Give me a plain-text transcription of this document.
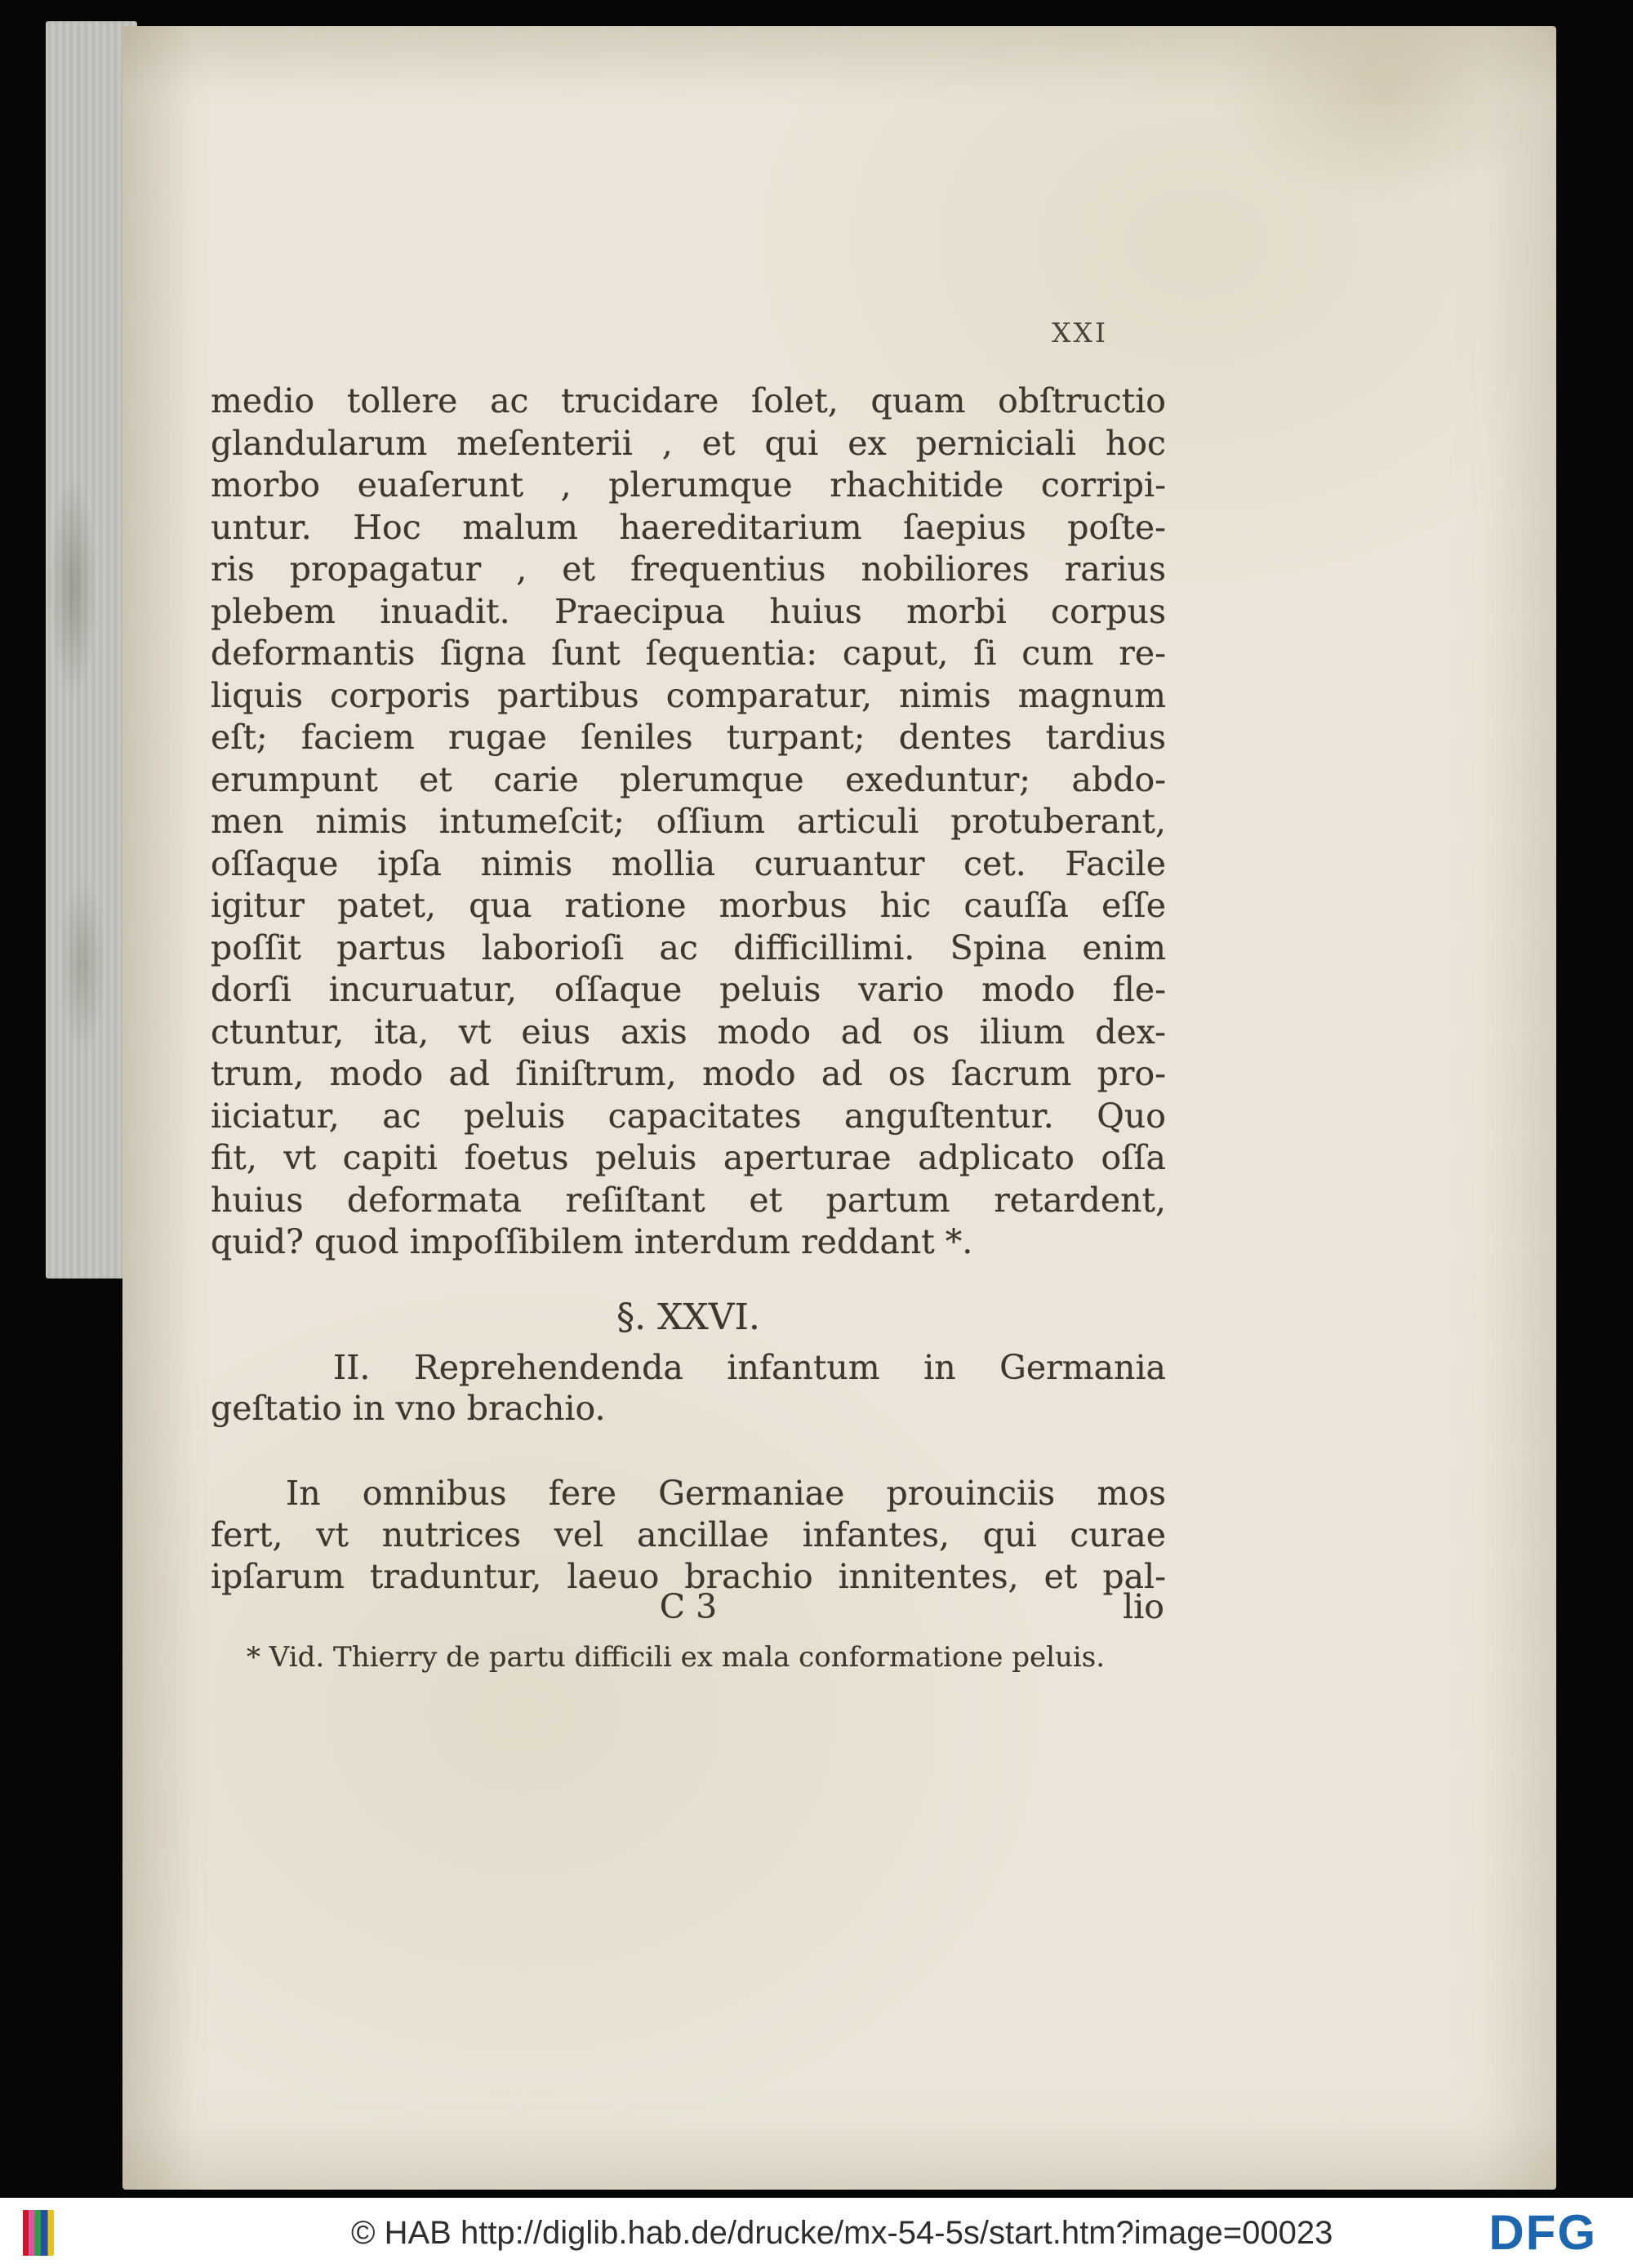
XXI
medio tollere ac trucidare ſolet, quam obſtructio
glandularum meſenterii , et qui ex perniciali hoc
morbo euaſerunt , plerumque rhachitide corripi-
untur. Hoc malum haereditarium ſaepius poſte-
ris propagatur , et frequentius nobiliores rarius
plebem inuadit. Praecipua huius morbi corpus
deformantis ſigna ſunt ſequentia: caput, ſi cum re-
liquis corporis partibus comparatur, nimis magnum
eſt; faciem rugae ſeniles turpant; dentes tardius
erumpunt et carie plerumque exeduntur; abdo-
men nimis intumeſcit; oſſium articuli protuberant,
oſſaque ipſa nimis mollia curuantur cet. Facile
igitur patet, qua ratione morbus hic cauſſa eſſe
poſſit partus laborioſi ac difficillimi. Spina enim
dorſi incuruatur, oſſaque peluis vario modo fle-
ctuntur, ita, vt eius axis modo ad os ilium dex-
trum, modo ad ſiniſtrum, modo ad os ſacrum pro-
iiciatur, ac peluis capacitates anguſtentur. Quo
fit, vt capiti foetus peluis aperturae adplicato oſſa
huius deformata reſiſtant et partum retardent,
quid? quod impoſſibilem interdum reddant *.
§. XXVI.
II. Reprehendenda infantum in Germania
geſtatio in vno brachio.
In omnibus fere Germaniae prouinciis mos
fert, vt nutrices vel ancillae infantes, qui curae
ipſarum traduntur, laeuo brachio innitentes, et pal-
C 3	lio
* Vid. Thierry de partu difficili ex mala conformatione peluis.
© HAB http://diglib.hab.de/drucke/mx-54-5s/start.htm?image=00023	DFG
